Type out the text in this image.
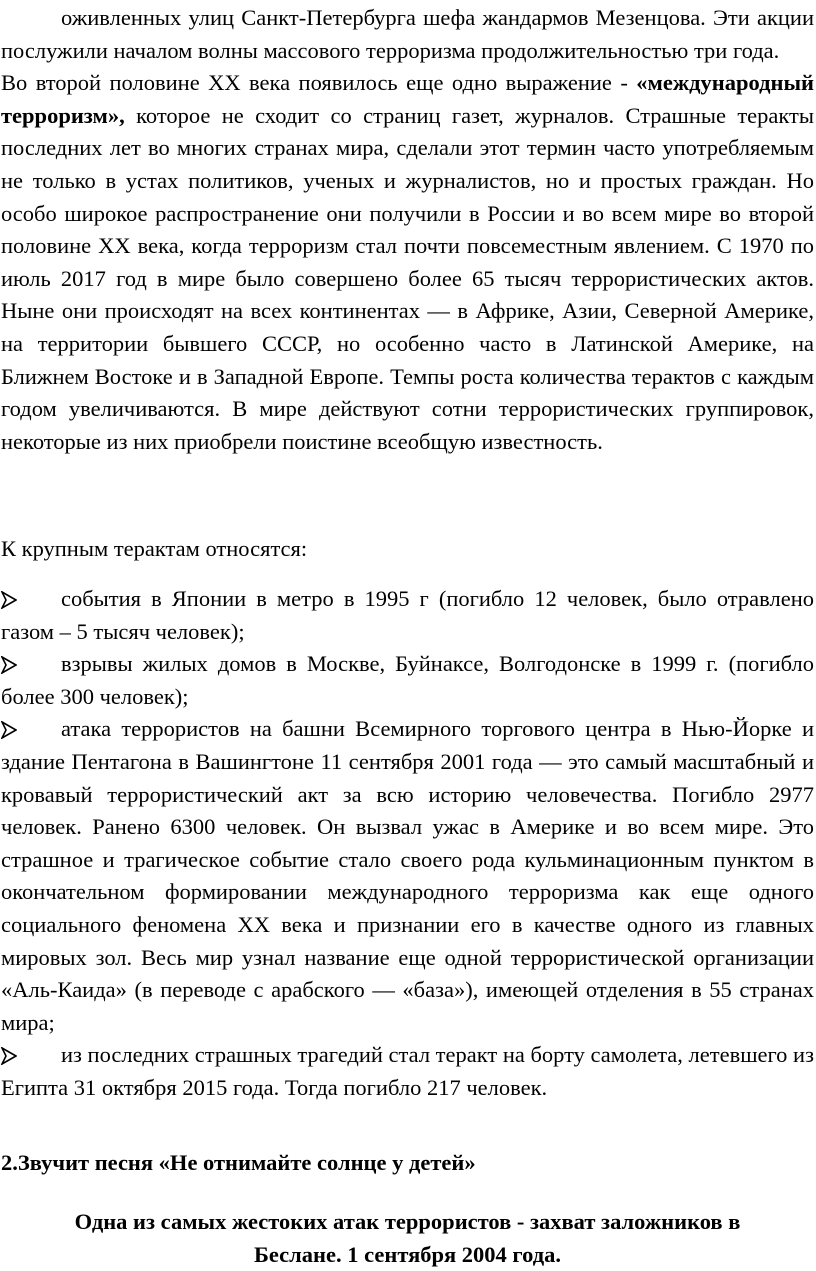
оживленных улиц Санкт-Петербурга шефа жандармов Мезенцова. Эти акции послужили началом волны массового терроризма продолжительностью три года.

Во второй половине ХХ века появилось еще одно выражение - «международный терроризм», которое не сходит со страниц газет, журналов. Страшные теракты последних лет во многих странах мира, сделали этот термин часто употребляемым не только в устах политиков, ученых и журналистов, но и простых граждан. Но особо широкое распространение они получили в России и во всем мире во второй половине ХХ века, когда терроризм стал почти повсеместным явлением. С 1970 по июль 2017 год в мире было совершено более 65 тысяч террористических актов. Ныне они происходят на всех континентах — в Африке, Азии, Северной Америке, на территории бывшего СССР, но особенно часто в Латинской Америке, на Ближнем Востоке и в Западной Европе. Темпы роста количества терактов с каждым годом увеличиваются. В мире действуют сотни террористических группировок, некоторые из них приобрели поистине всеобщую известность.

К крупным терактам относятся:

события в Японии в метро в 1995 г (погибло 12 человек, было отравлено газом – 5 тысяч человек);

взрывы жилых домов в Москве, Буйнаксе, Волгодонске в 1999 г. (погибло более 300 человек);

атака террористов на башни Всемирного торгового центра в Нью-Йорке и здание Пентагона в Вашингтоне 11 сентября 2001 года — это самый масштабный и кровавый террористический акт за всю историю человечества. Погибло 2977 человек. Ранено 6300 человек. Он вызвал ужас в Америке и во всем мире. Это страшное и трагическое событие стало своего рода кульминационным пунктом в окончательном формировании международного терроризма как еще одного социального феномена ХХ века и признании его в качестве одного из главных мировых зол. Весь мир узнал название еще одной террористической организации «Аль-Каида» (в переводе с арабского — «база»), имеющей отделения в 55 странах мира;

из последних страшных трагедий стал теракт на борту самолета, летевшего из Египта 31 октября 2015 года. Тогда погибло 217 человек.

2.Звучит песня «Не отнимайте солнце у детей»

Одна из самых жестоких атак террористов - захват заложников в

Беслане. 1 сентября 2004 года.
